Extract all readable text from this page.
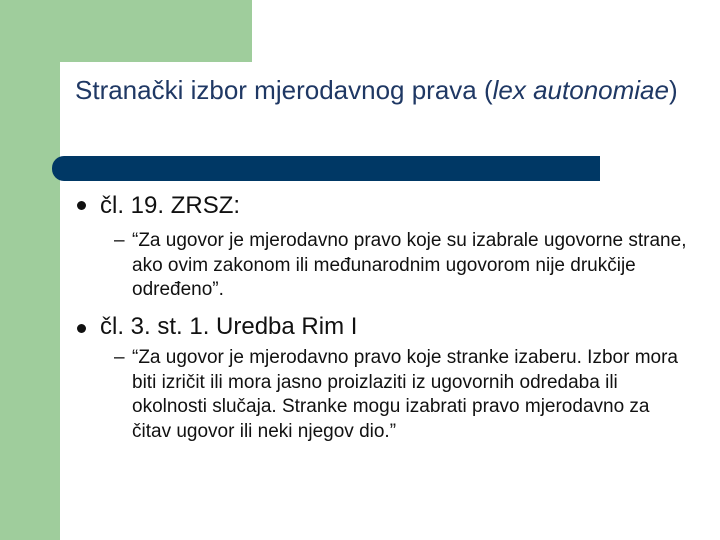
Stranački izbor mjerodavnog prava (lex autonomiae)
čl. 19. ZRSZ:
– “Za ugovor je mjerodavno pravo koje su izabrale ugovorne strane, ako ovim zakonom ili međunarodnim ugovorom nije drukčije određeno”.
čl. 3. st. 1. Uredba Rim I
– “Za ugovor je mjerodavno pravo koje stranke izaberu. Izbor mora biti izričit ili mora jasno proizlaziti iz ugovornih odredaba ili okolnosti slučaja. Stranke mogu izabrati pravo mjerodavno za čitav ugovor ili neki njegov dio.”
